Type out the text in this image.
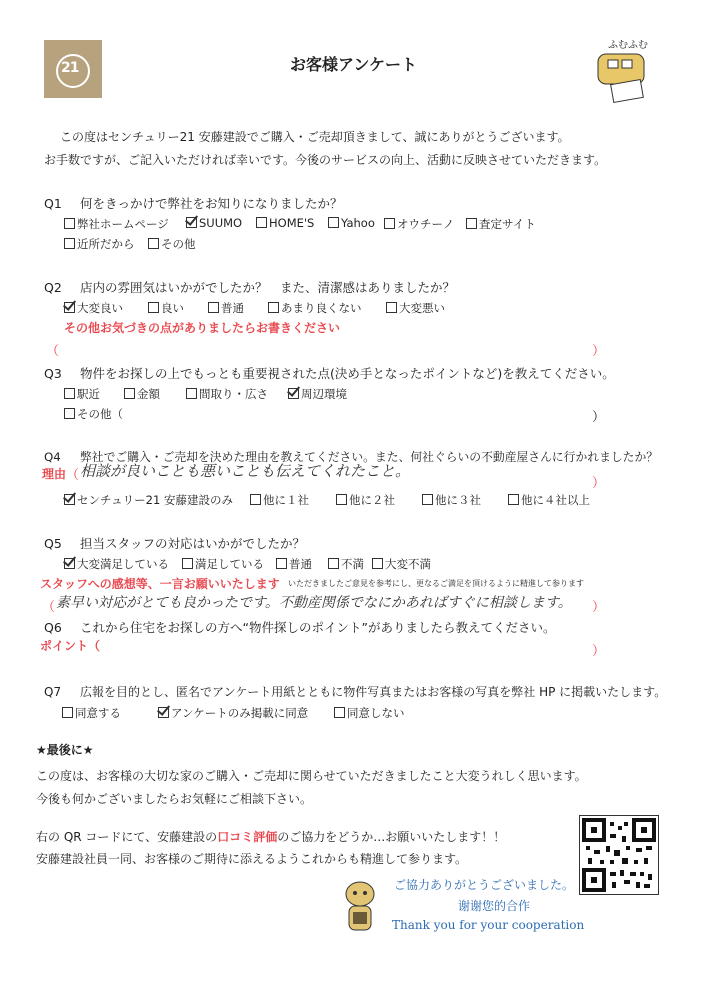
21	お客様アンケート
ふむふむ
この度はセンチュリー21 安藤建設でご購入・ご売却頂きまして、誠にありがとうございます。
お手数ですが、ご記入いただければ幸いです。今後のサービスの向上、活動に反映させていただきます。
Q1 何をきっかけで弊社をお知りになりましたか？
弊社ホームページ	SUUMO	HOME'S	Yahoo	オウチーノ	査定サイト
近所だから	その他
Q2 店内の雰囲気はいかがでしたか？　また、清潔感はありましたか？
大変良い	良い	普通	あまり良くない	大変悪い
その他お気づきの点がありましたらお書きください
（	）
Q3 物件をお探しの上でもっとも重要視された点(決め手となったポイントなど)を教えてください。
駅近	金額	間取り・広さ	周辺環境
その他（	）
Q4 弊社でご購入・ご売却を決めた理由を教えてください。また、何社ぐらいの不動産屋さんに行かれましたか？
理由 （ 相談が良いことも悪いことも伝えてくれたこと。
）
センチュリー21 安藤建設のみ	他に１社	他に２社	他に３社	他に４社以上
Q5 担当スタッフの対応はいかがでしたか？
大変満足している	満足している	普通	不満	大変不満
スタッフへの感想等、一言お願いいたします いただきましたご意見を参考にし、更なるご満足を頂けるように精進して参ります
（ 素早い対応がとても良かったです。不動産関係でなにかあればすぐに相談します。 ）
Q6 これから住宅をお探しの方へ“物件探しのポイント”がありましたら教えてください。
ポイント（	）
Q7 広報を目的とし、匿名でアンケート用紙とともに物件写真またはお客様の写真を弊社 HP に掲載いたします。
同意する	アンケートのみ掲載に同意	同意しない
★最後に★
この度は、お客様の大切な家のご購入・ご売却に関らせていただきましたこと大変うれしく思います。
今後も何かございましたらお気軽にご相談下さい。
右の QR コードにて、安藤建設の口コミ評価のご協力をどうか…お願いいたします！！
安藤建設社員一同、お客様のご期待に添えるようこれからも精進して参ります。
ご協力ありがとうございました。
谢谢您的合作
Thank you for your cooperation
